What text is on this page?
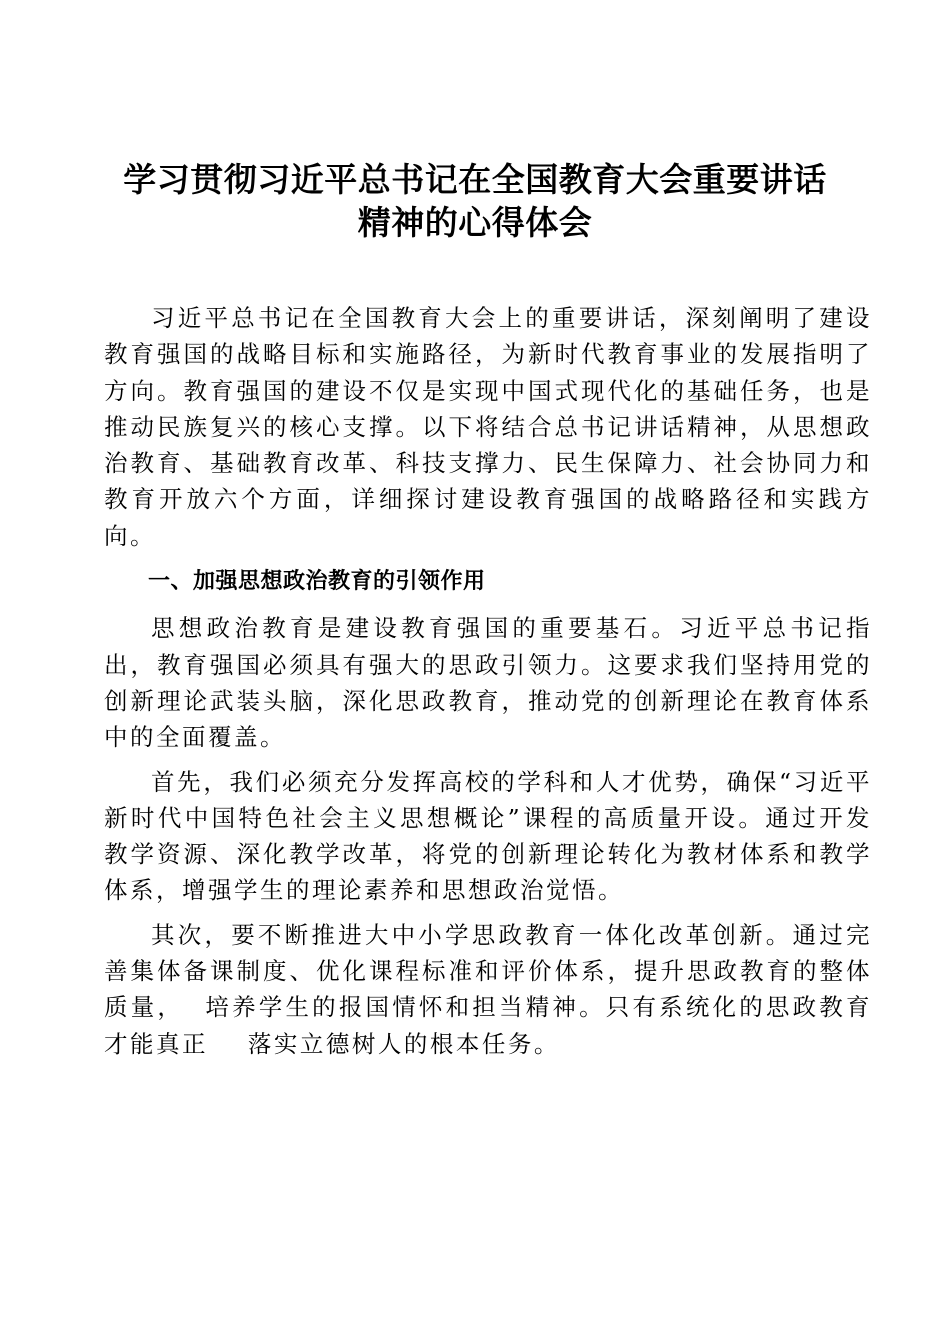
学习贯彻习近平总书记在全国教育大会重要讲话
精神的心得体会

习近平总书记在全国教育大会上的重要讲话，深刻阐明了建设教育强国的战略目标和实施路径，为新时代教育事业的发展指明了方向。教育强国的建设不仅是实现中国式现代化的基础任务，也是推动民族复兴的核心支撑。以下将结合总书记讲话精神，从思想政治教育、基础教育改革、科技支撑力、民生保障力、社会协同力和教育开放六个方面，详细探讨建设教育强国的战略路径和实践方向。

一、加强思想政治教育的引领作用

思想政治教育是建设教育强国的重要基石。习近平总书记指出，教育强国必须具有强大的思政引领力。这要求我们坚持用党的创新理论武装头脑，深化思政教育，推动党的创新理论在教育体系中的全面覆盖。

首先，我们必须充分发挥高校的学科和人才优势，确保“习近平新时代中国特色社会主义思想概论”课程的高质量开设。通过开发教学资源、深化教学改革，将党的创新理论转化为教材体系和教学体系，增强学生的理论素养和思想政治觉悟。

其次，要不断推进大中小学思政教育一体化改革创新。通过完善集体备课制度、优化课程标准和评价体系，提升思政教育的整体质量，  培养学生的报国情怀和担当精神。只有系统化的思政教育才能真正    落实立德树人的根本任务。
